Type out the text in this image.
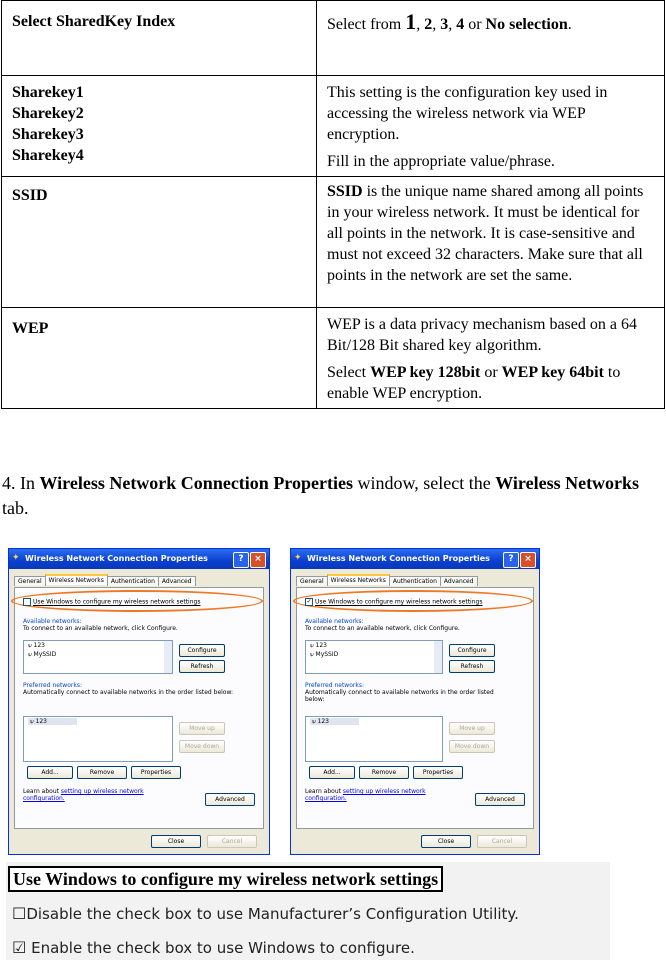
Select SharedKey Index	Select from 1, 2, 3, 4 or No selection.

Sharekey1
Sharekey2
Sharekey3
Sharekey4	This setting is the configuration key used in accessing the wireless network via WEP encryption.
Fill in the appropriate value/phrase.

SSID	SSID is the unique name shared among all points in your wireless network. It must be identical for all points in the network. It is case-sensitive and must not exceed 32 characters. Make sure that all points in the network are set the same.

WEP	WEP is a data privacy mechanism based on a 64 Bit/128 Bit shared key algorithm.
Select WEP key 128bit or WEP key 64bit to enable WEP encryption.
4. In Wireless Network Connection Properties window, select the Wireless Networks tab.
✦ Wireless Network Connection Properties	?	×
General Wireless Networks Authentication Advanced
Use Windows to configure my wireless network settings
Available networks:
To connect to an available network, click Configure.
⍦ 123
⍦ MySSID
Configure
Refresh
Preferred networks:
Automatically connect to available networks in the order listed below:
⍦ 123
Move up
Move down
Add...	Remove	Properties
Learn about setting up wireless network configuration.	Advanced
Close	Cancel
✦ Wireless Network Connection Properties	?	×
General Wireless Networks Authentication Advanced
✓ Use Windows to configure my wireless network settings
Available networks:
To connect to an available network, click Configure.
⍦ 123
⍦ MySSID
Configure
Refresh
Preferred networks:
Automatically connect to available networks in the order listed below:
⍦ 123
Move up
Move down
Add...	Remove	Properties
Learn about setting up wireless network configuration.	Advanced
Close	Cancel
Use Windows to configure my wireless network settings
☐Disable the check box to use Manufacturer’s Configuration Utility.
☑ Enable the check box to use Windows to configure.
